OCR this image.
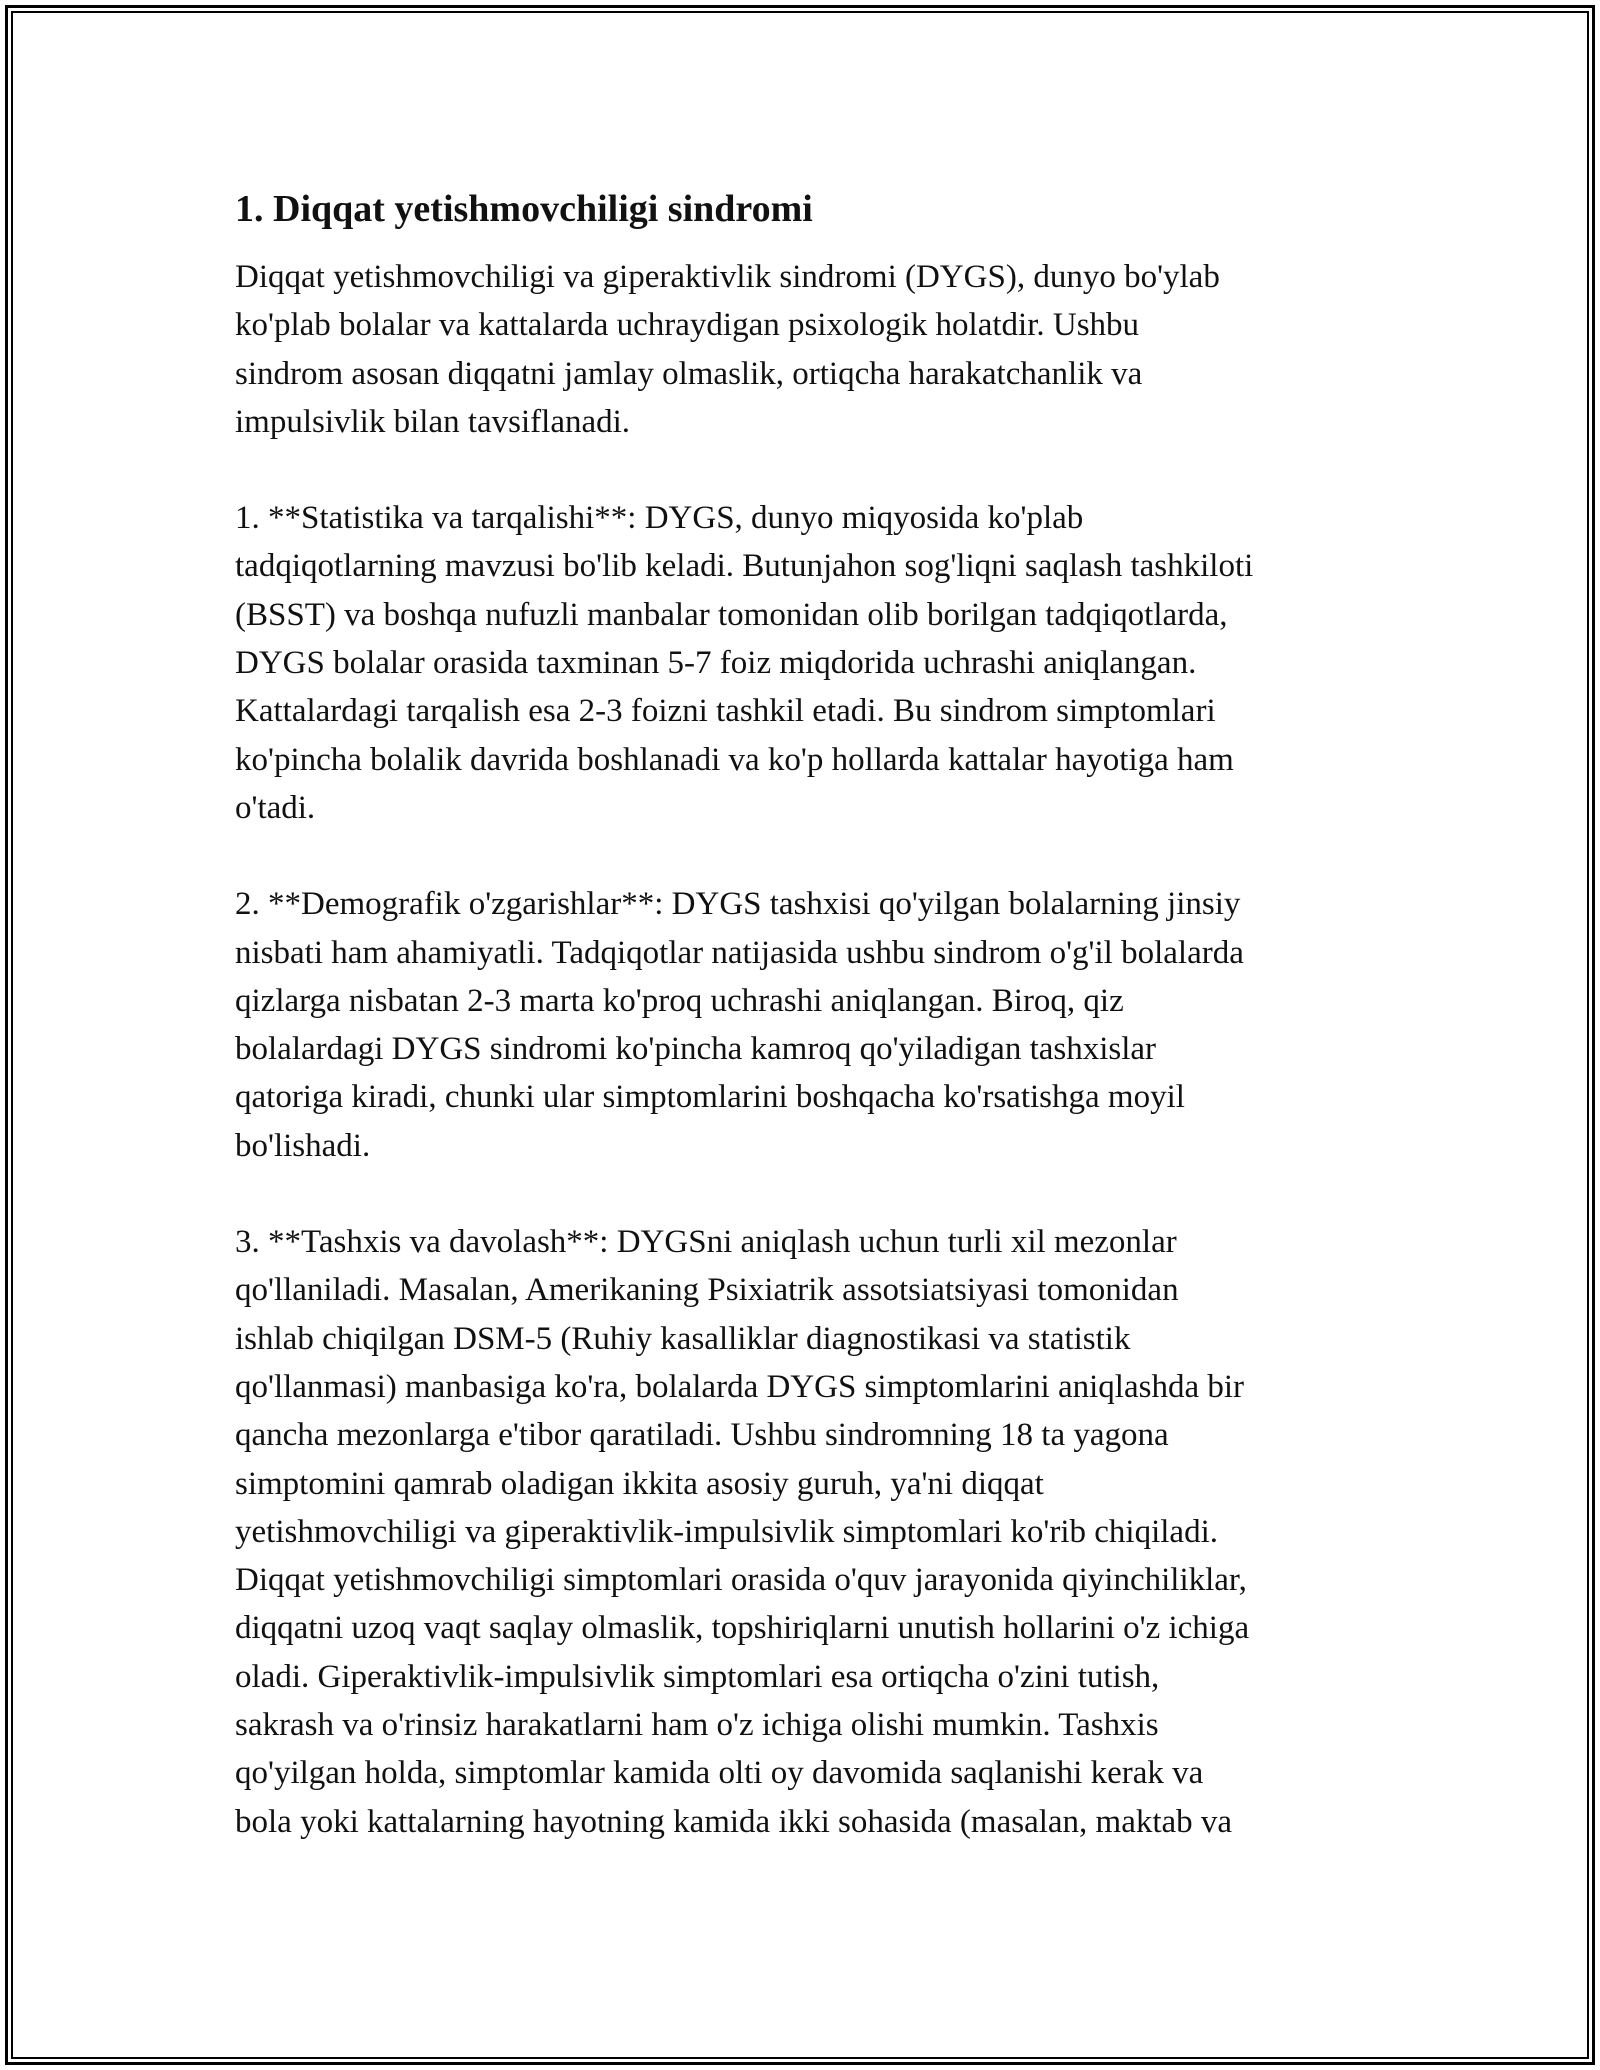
1. Diqqat yetishmovchiligi sindromi

Diqqat yetishmovchiligi va giperaktivlik sindromi (DYGS), dunyo bo'ylab
ko'plab bolalar va kattalarda uchraydigan psixologik holatdir. Ushbu
sindrom asosan diqqatni jamlay olmaslik, ortiqcha harakatchanlik va
impulsivlik bilan tavsiflanadi.

1. **Statistika va tarqalishi**: DYGS, dunyo miqyosida ko'plab
tadqiqotlarning mavzusi bo'lib keladi. Butunjahon sog'liqni saqlash tashkiloti
(BSST) va boshqa nufuzli manbalar tomonidan olib borilgan tadqiqotlarda,
DYGS bolalar orasida taxminan 5-7 foiz miqdorida uchrashi aniqlangan.
Kattalardagi tarqalish esa 2-3 foizni tashkil etadi. Bu sindrom simptomlari
ko'pincha bolalik davrida boshlanadi va ko'p hollarda kattalar hayotiga ham
o'tadi.

2. **Demografik o'zgarishlar**: DYGS tashxisi qo'yilgan bolalarning jinsiy
nisbati ham ahamiyatli. Tadqiqotlar natijasida ushbu sindrom o'g'il bolalarda
qizlarga nisbatan 2-3 marta ko'proq uchrashi aniqlangan. Biroq, qiz
bolalardagi DYGS sindromi ko'pincha kamroq qo'yiladigan tashxislar
qatoriga kiradi, chunki ular simptomlarini boshqacha ko'rsatishga moyil
bo'lishadi.

3. **Tashxis va davolash**: DYGSni aniqlash uchun turli xil mezonlar
qo'llaniladi. Masalan, Amerikaning Psixiatrik assotsiatsiyasi tomonidan
ishlab chiqilgan DSM-5 (Ruhiy kasalliklar diagnostikasi va statistik
qo'llanmasi) manbasiga ko'ra, bolalarda DYGS simptomlarini aniqlashda bir
qancha mezonlarga e'tibor qaratiladi. Ushbu sindromning 18 ta yagona
simptomini qamrab oladigan ikkita asosiy guruh, ya'ni diqqat
yetishmovchiligi va giperaktivlik-impulsivlik simptomlari ko'rib chiqiladi.
Diqqat yetishmovchiligi simptomlari orasida o'quv jarayonida qiyinchiliklar,
diqqatni uzoq vaqt saqlay olmaslik, topshiriqlarni unutish hollarini o'z ichiga
oladi. Giperaktivlik-impulsivlik simptomlari esa ortiqcha o'zini tutish,
sakrash va o'rinsiz harakatlarni ham o'z ichiga olishi mumkin. Tashxis
qo'yilgan holda, simptomlar kamida olti oy davomida saqlanishi kerak va
bola yoki kattalarning hayotning kamida ikki sohasida (masalan, maktab va
